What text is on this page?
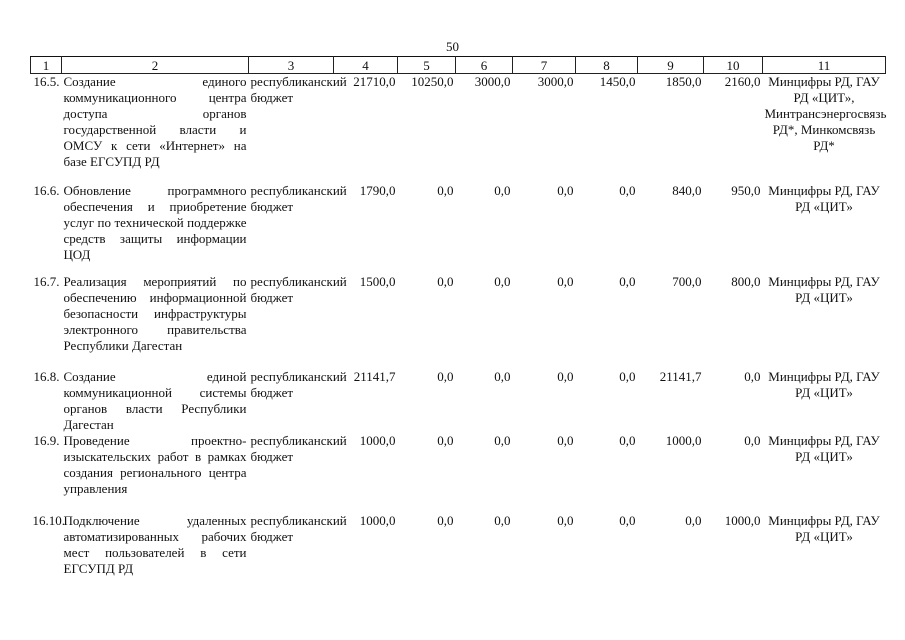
50
1	2	3	4	5	6	7	8	9	10	11
16.5.	Создание единого коммуникационного центра доступа органов государственной власти и ОМСУ к сети «Интернет» на базе ЕГСУПД РД	республиканский бюджет	21710,0	10250,0	3000,0	3000,0	1450,0	1850,0	2160,0	Минцифры РД, ГАУ РД «ЦИТ», Минтрансэнергосвязь РД*, Минкомсвязь РД*
16.6.	Обновление программного обеспечения и приобретение услуг по технической поддержке средств защиты информации ЦОД	республиканский бюджет	1790,0	0,0	0,0	0,0	0,0	840,0	950,0	Минцифры РД, ГАУ РД «ЦИТ»
16.7.	Реализация мероприятий по обеспечению информационной безопасности инфраструктуры электронного правительства Республики Дагестан	республиканский бюджет	1500,0	0,0	0,0	0,0	0,0	700,0	800,0	Минцифры РД, ГАУ РД «ЦИТ»
16.8.	Создание единой коммуникационной системы органов власти Республики Дагестан	республиканский бюджет	21141,7	0,0	0,0	0,0	0,0	21141,7	0,0	Минцифры РД, ГАУ РД «ЦИТ»
16.9.	Проведение проектно-изыскательских работ в рамках создания регионального центра управления	республиканский бюджет	1000,0	0,0	0,0	0,0	0,0	1000,0	0,0	Минцифры РД, ГАУ РД «ЦИТ»
16.10.	Подключение удаленных автоматизированных рабочих мест пользователей в сети ЕГСУПД РД	республиканский бюджет	1000,0	0,0	0,0	0,0	0,0	0,0	1000,0	Минцифры РД, ГАУ РД «ЦИТ»
